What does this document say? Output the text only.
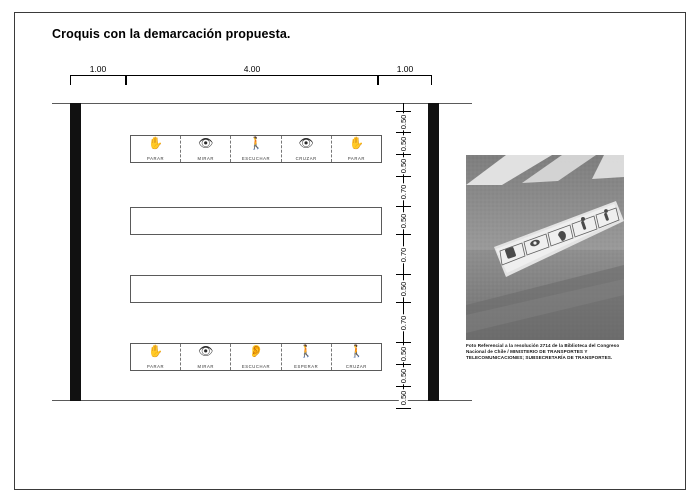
Croquis con la demarcación propuesta.
1.00	4.00	1.00
✋
PARAR
👁
MIRAR
🚶
ESCUCHAR
👁
CRUZAR
✋
PARAR
✋
PARAR
👁
MIRAR
👂
ESCUCHAR
🚶
ESPERAR
🚶
CRUZAR
0.50
0.50
0.50
0.70
0.50
0.70
0.50
0.70
0.50
0.50
0.50
Foto Referencial a la resolución 2714 de la Biblioteca del Congreso Nacional de Chile / MINISTERIO DE TRANSPORTES Y TELECOMUNICACIONES; SUBSECRETARÍA DE TRANSPORTES.
